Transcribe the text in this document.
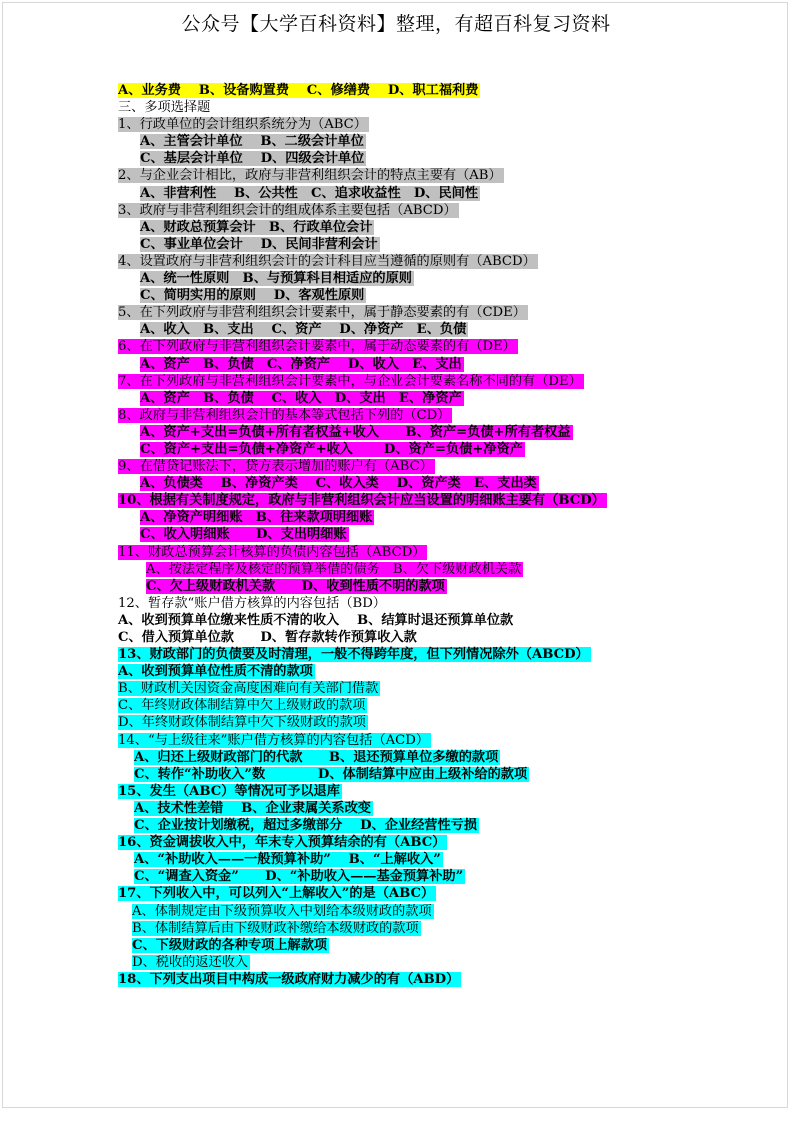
公众号【大学百科资料】整理，有超百科复习资料
A、业务费　 B、设备购置费　 C、修缮费　 D、职工福利费
三、多项选择题
1、行政单位的会计组织系统分为（ABC）
A、主管会计单位　 B、二级会计单位
C、基层会计单位　 D、四级会计单位
2、与企业会计相比，政府与非营利组织会计的特点主要有（AB）
A、非营利性　 B、公共性　C、追求收益性　D、民间性
3、政府与非营利组织会计的组成体系主要包括（ABCD）
A、财政总预算会计　B、行政单位会计
C、事业单位会计　 D、民间非营利会计
4、设置政府与非营利组织会计的会计科目应当遵循的原则有（ABCD）
A、统一性原则　B、与预算科目相适应的原则
C、简明实用的原则　 D、客观性原则
5、在下列政府与非营利组织会计要素中，属于静态要素的有（CDE）
A、收入　B、支出　 C、资产　 D、净资产　E、负债
6、在下列政府与非营利组织会计要素中，属于动态要素的有（DE）
A、资产　B、负债　C、净资产　 D、收入　E、支出
7、在下列政府与非营利组织会计要素中，与企业会计要素名称不同的有（DE）
A、资产　B、负债　 C、收入　D、支出　E、净资产
8、政府与非营利组织会计的基本等式包括下列的（CD）
A、资产+支出=负债+所有者权益+收入　　B、资产=负债+所有者权益
C、资产+支出=负债+净资产+收入　　 D、资产=负债+净资产
9、在借贷记账法下，贷方表示增加的账户有（ABC）
A、负债类　 B、净资产类　 C、收入类　 D、资产类　E、支出类
10、根据有关制度规定，政府与非营利组织会计应当设置的明细账主要有（BCD）
A、净资产明细账　B、往来款项明细账
C、收入明细账　　D、支出明细账
11、财政总预算会计核算的负债内容包括（ABCD）
A、按法定程序及核定的预算举借的债务　B、欠下级财政机关款
C、欠上级财政机关款　　D、收到性质不明的款项
12、暂存款“账户借方核算的内容包括（BD）
A、收到预算单位缴来性质不清的收入　 B、结算时退还预算单位款
C、借入预算单位款　　D、暂存款转作预算收入款
13、财政部门的负债要及时清理，一般不得跨年度，但下列情况除外（ABCD）
A、收到预算单位性质不清的款项
B、财政机关因资金高度困难向有关部门借款
C、年终财政体制结算中欠上级财政的款项
D、年终财政体制结算中欠下级财政的款项
14、“与上级往来”账户借方核算的内容包括（ACD）
A、归还上级财政部门的代款　　B、退还预算单位多缴的款项
C、转作“补助收入”数　　　　D、体制结算中应由上级补给的款项
15、发生（ABC）等情况可予以退库
A、技术性差错　 B、企业隶属关系改变
C、企业按计划缴税，超过多缴部分　 D、企业经营性亏损
16、资金调拔收入中，年末专入预算结余的有（ABC）
A、“补助收入——一般预算补助”　 B、“上解收入”
C、“调查入资金”　　D、“补助收入——基金预算补助”
17、下列收入中，可以列入“上解收入”的是（ABC）
A、体制规定由下级预算收入中划给本级财政的款项
B、体制结算后由下级财政补缴给本级财政的款项
C、下级财政的各种专项上解款项
D、税收的返还收入
18、下列支出项目中构成一级政府财力减少的有（ABD）
